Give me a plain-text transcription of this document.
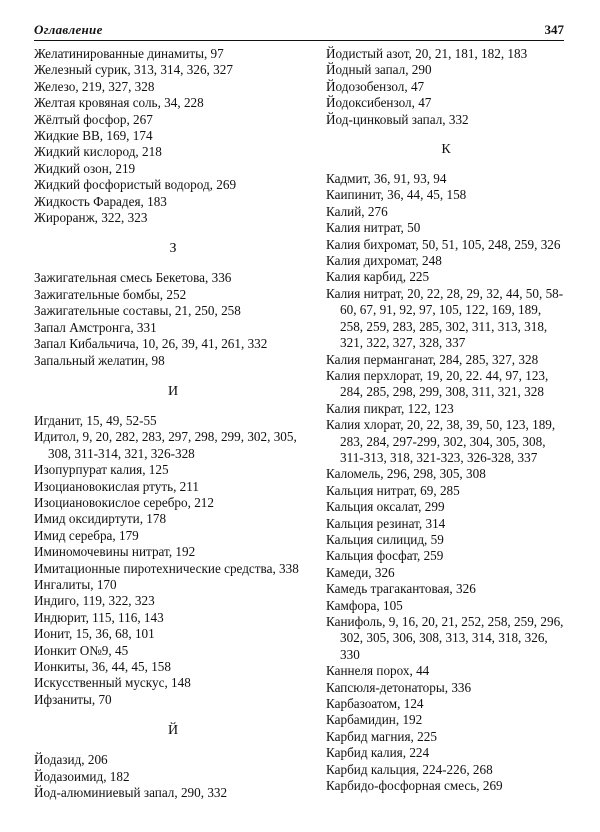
Оглавление	347
Желатинированные динамиты, 97
Железный сурик, 313, 314, 326, 327
Железо, 219, 327, 328
Желтая кровяная соль, 34, 228
Жёлтый фосфор, 267
Жидкие ВВ, 169, 174
Жидкий кислород, 218
Жидкий озон, 219
Жидкий фосфористый водород, 269
Жидкость Фарадея, 183
Жироранж, 322, 323
З
Зажигательная смесь Бекетова, 336
Зажигательные бомбы, 252
Зажигательные составы, 21, 250, 258
Запал Амстронга, 331
Запал Кибальчича, 10, 26, 39, 41, 261, 332
Запальный желатин, 98
И
Игданит, 15, 49, 52-55
Идитол, 9, 20, 282, 283, 297, 298, 299, 302, 305, 308, 311-314, 321, 326-328
Изопурпурат калия, 125
Изоциановокислая ртуть, 211
Изоциановокислое серебро, 212
Имид оксидиртути, 178
Имид серебра, 179
Иминомочевины нитрат, 192
Имитационные пиротехнические средства, 338
Ингалиты, 170
Индиго, 119, 322, 323
Индюрит, 115, 116, 143
Ионит, 15, 36, 68, 101
Ионкит О№9, 45
Ионкиты, 36, 44, 45, 158
Искусственный мускус, 148
Ифзаниты, 70
Й
Йодазид, 206
Йодазоимид, 182
Йод-алюминиевый запал, 290, 332
Йодистый азот, 20, 21, 181, 182, 183
Йодный запал, 290
Йодозобензол, 47
Йодоксибензол, 47
Йод-цинковый запал, 332
К
Кадмит, 36, 91, 93, 94
Каипинит, 36, 44, 45, 158
Калий, 276
Калия нитрат, 50
Калия бихромат, 50, 51, 105, 248, 259, 326
Калия дихромат, 248
Калия карбид, 225
Калия нитрат, 20, 22, 28, 29, 32, 44, 50, 58-60, 67, 91, 92, 97, 105, 122, 169, 189, 258, 259, 283, 285, 302, 311, 313, 318, 321, 322, 327, 328, 337
Калия перманганат, 284, 285, 327, 328
Калия перхлорат, 19, 20, 22. 44, 97, 123, 284, 285, 298, 299, 308, 311, 321, 328
Калия пикрат, 122, 123
Калия хлорат, 20, 22, 38, 39, 50, 123, 189, 283, 284, 297-299, 302, 304, 305, 308, 311-313, 318, 321-323, 326-328, 337
Каломель, 296, 298, 305, 308
Кальция нитрат, 69, 285
Кальция оксалат, 299
Кальция резинат, 314
Кальция силицид, 59
Кальция фосфат, 259
Камеди, 326
Камедь трагакантовая, 326
Камфора, 105
Канифоль, 9, 16, 20, 21, 252, 258, 259, 296, 302, 305, 306, 308, 313, 314, 318, 326, 330
Каннеля порох, 44
Капсюля-детонаторы, 336
Карбазоатом, 124
Карбамидин, 192
Карбид магния, 225
Карбид калия, 224
Карбид кальция, 224-226, 268
Карбидо-фосфорная смесь, 269
